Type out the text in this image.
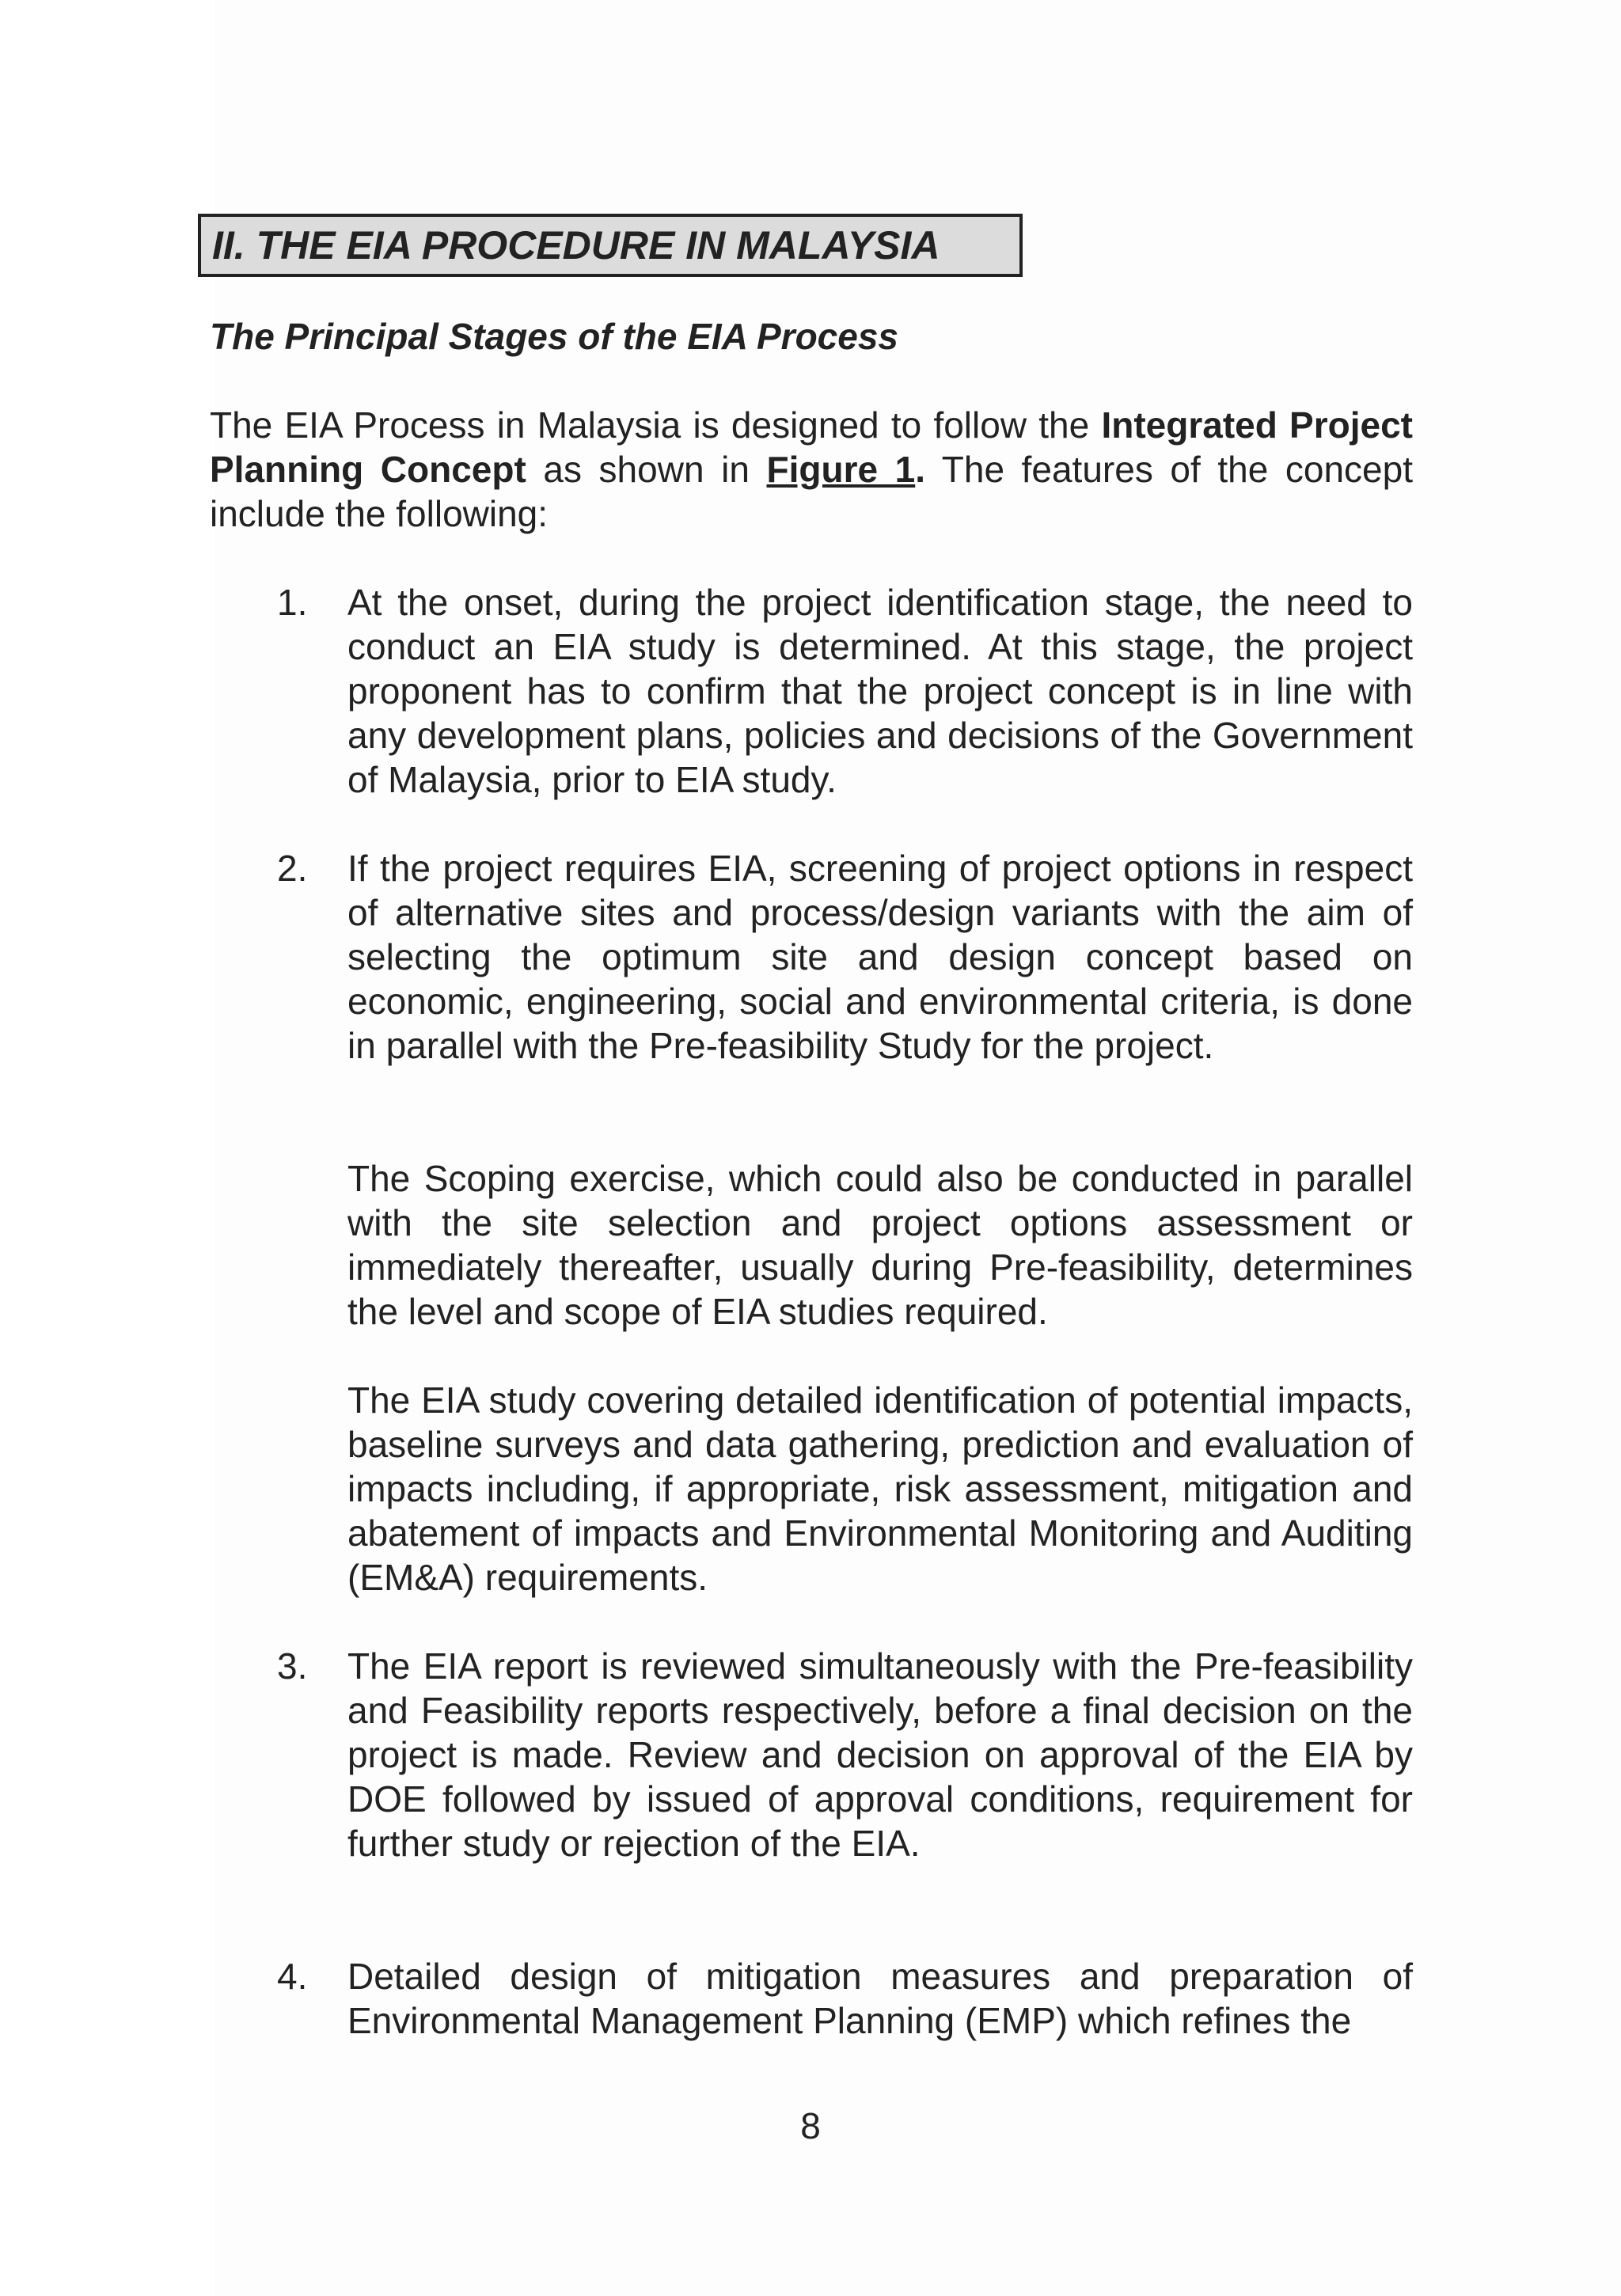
II. THE EIA PROCEDURE IN MALAYSIA
The Principal Stages of the EIA Process

The EIA Process in Malaysia is designed to follow the Integrated Project Planning Concept as shown in Figure 1. The features of the concept include the following:

1. At the onset, during the project identification stage, the need to conduct an EIA study is determined. At this stage, the project proponent has to confirm that the project concept is in line with any development plans, policies and decisions of the Government of Malaysia, prior to EIA study.

2. If the project requires EIA, screening of project options in respect of alternative sites and process/design variants with the aim of selecting the optimum site and design concept based on economic, engineering, social and environmental criteria, is done in parallel with the Pre-feasibility Study for the project.

The Scoping exercise, which could also be conducted in parallel with the site selection and project options assessment or immediately thereafter, usually during Pre-feasibility, determines the level and scope of EIA studies required.

The EIA study covering detailed identification of potential impacts, baseline surveys and data gathering, prediction and evaluation of impacts including, if appropriate, risk assessment, mitigation and abatement of impacts and Environmental Monitoring and Auditing (EM&A) requirements.

3. The EIA report is reviewed simultaneously with the Pre-feasibility and Feasibility reports respectively, before a final decision on the project is made. Review and decision on approval of the EIA by DOE followed by issued of approval conditions, requirement for further study or rejection of the EIA.

4. Detailed design of mitigation measures and preparation of Environmental Management Planning (EMP) which refines the

8
